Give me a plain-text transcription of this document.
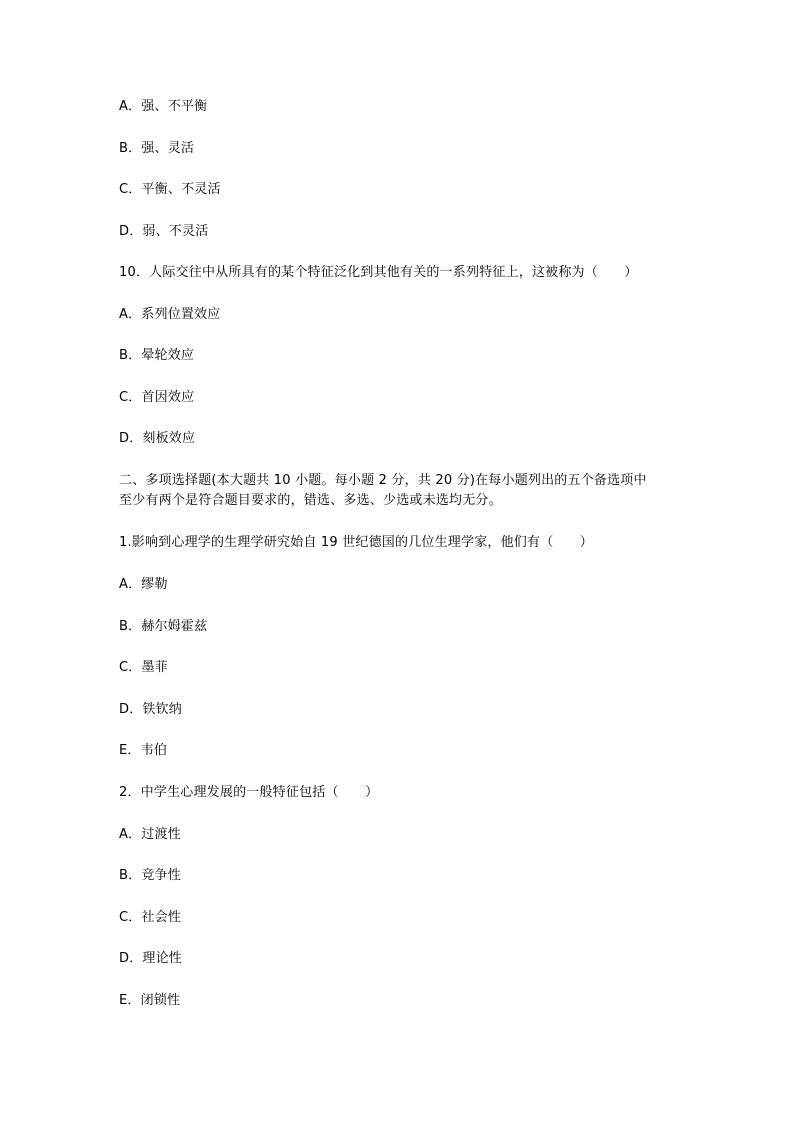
A．强、不平衡
B．强、灵活
C．平衡、不灵活
D．弱、不灵活
10．人际交往中从所具有的某个特征泛化到其他有关的一系列特征上，这被称为（　　）
A．系列位置效应
B．晕轮效应
C．首因效应
D．刻板效应
二、多项选择题(本大题共 10 小题。每小题 2 分，共 20 分)在每小题列出的五个备选项中
至少有两个是符合题目要求的，错选、多选、少选或未选均无分。
1.影响到心理学的生理学研究始自 19 世纪德国的几位生理学家，他们有（　　）
A．缪勒
B．赫尔姆霍兹
C．墨菲
D．铁钦纳
E．韦伯
2．中学生心理发展的一般特征包括（　　）
A．过渡性
B．竞争性
C．社会性
D．理论性
E．闭锁性
